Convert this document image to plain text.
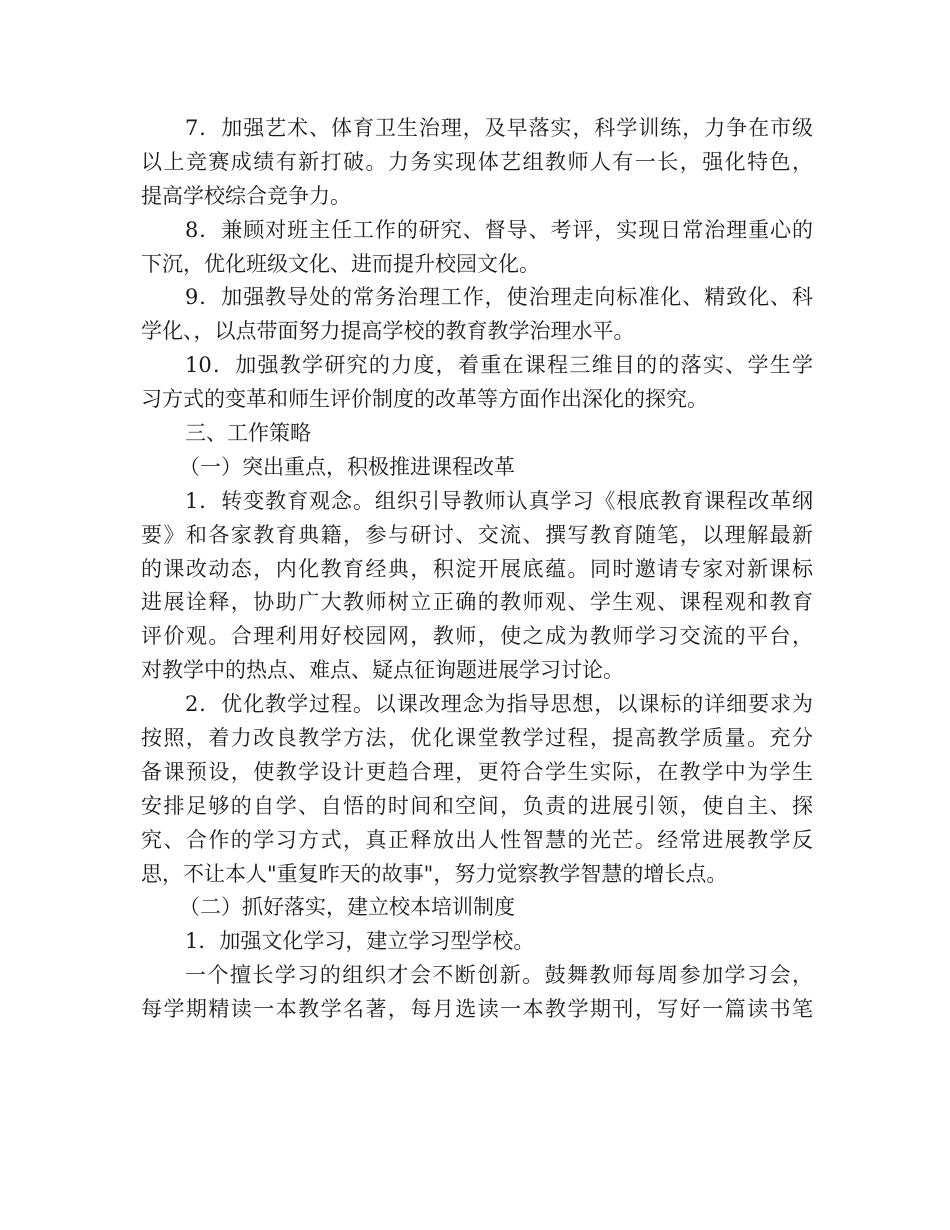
7．加强艺术、体育卫生治理，及早落实，科学训练，力争在市级
以上竞赛成绩有新打破。力务实现体艺组教师人有一长，强化特色，
提高学校综合竞争力。
8．兼顾对班主任工作的研究、督导、考评，实现日常治理重心的
下沉，优化班级文化、进而提升校园文化。
9．加强教导处的常务治理工作，使治理走向标准化、精致化、科
学化、，以点带面努力提高学校的教育教学治理水平。
10．加强教学研究的力度，着重在课程三维目的的落实、学生学
习方式的变革和师生评价制度的改革等方面作出深化的探究。
三、工作策略
（一）突出重点，积极推进课程改革
1．转变教育观念。组织引导教师认真学习《根底教育课程改革纲
要》和各家教育典籍，参与研讨、交流、撰写教育随笔，以理解最新
的课改动态，内化教育经典，积淀开展底蕴。同时邀请专家对新课标
进展诠释，协助广大教师树立正确的教师观、学生观、课程观和教育
评价观。合理利用好校园网，教师，使之成为教师学习交流的平台，
对教学中的热点、难点、疑点征询题进展学习讨论。
2．优化教学过程。以课改理念为指导思想，以课标的详细要求为
按照，着力改良教学方法，优化课堂教学过程，提高教学质量。充分
备课预设，使教学设计更趋合理，更符合学生实际，在教学中为学生
安排足够的自学、自悟的时间和空间，负责的进展引领，使自主、探
究、合作的学习方式，真正释放出人性智慧的光芒。经常进展教学反
思，不让本人"重复昨天的故事"，努力觉察教学智慧的增长点。
（二）抓好落实，建立校本培训制度
1．加强文化学习，建立学习型学校。
一个擅长学习的组织才会不断创新。鼓舞教师每周参加学习会，
每学期精读一本教学名著，每月选读一本教学期刊，写好一篇读书笔
